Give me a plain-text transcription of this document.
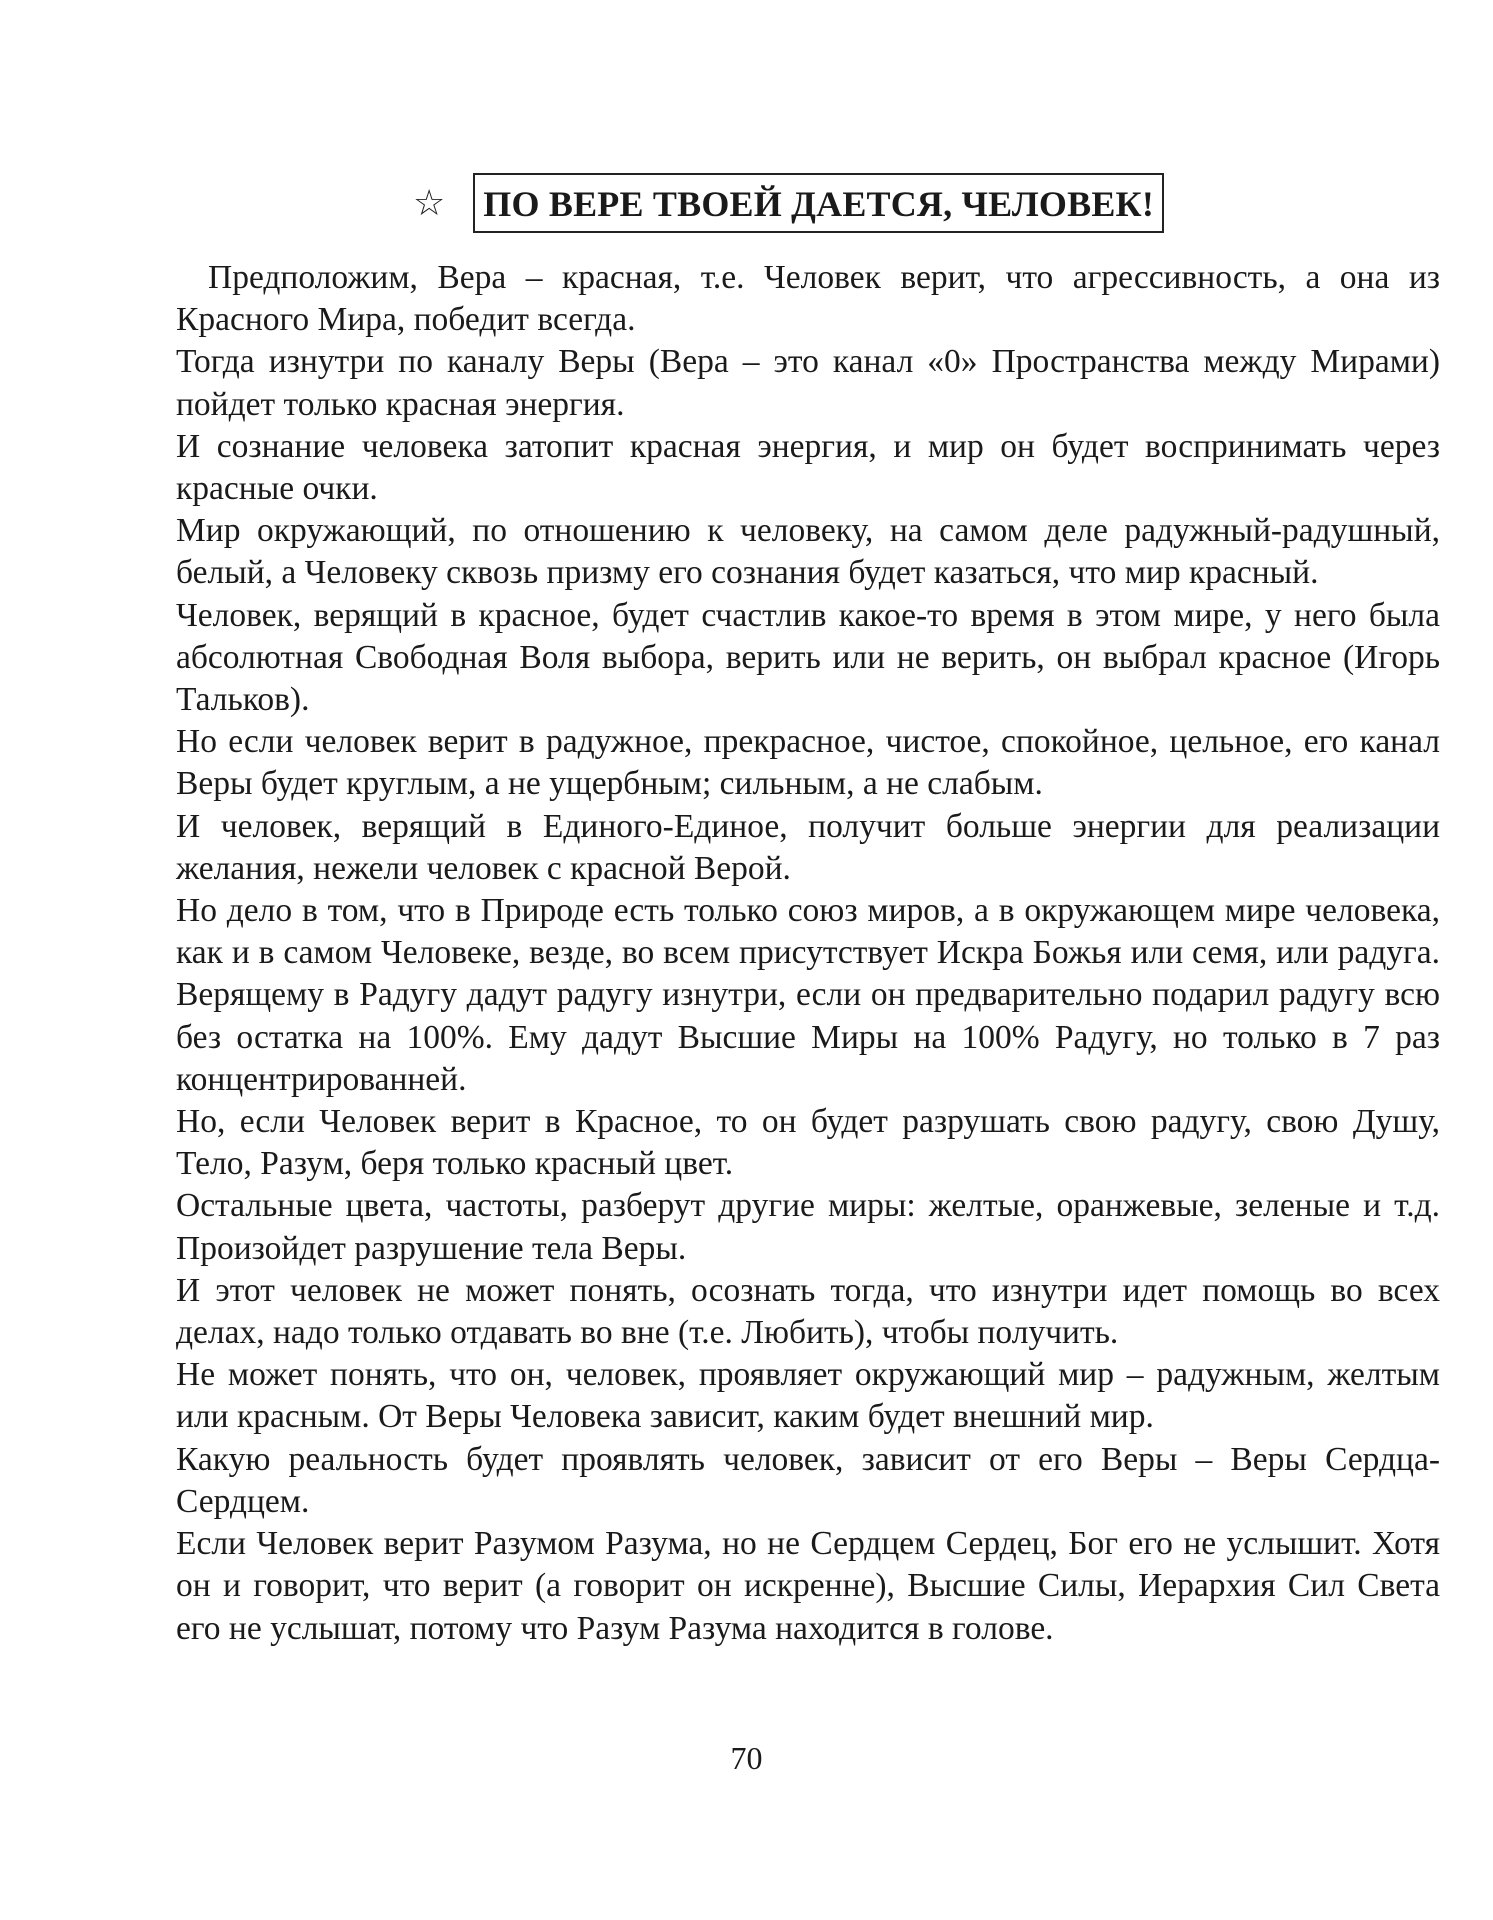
☆ ПО ВЕРЕ ТВОЕЙ ДАЕТСЯ, ЧЕЛОВЕК!

Предположим, Вера – красная, т.е. Человек верит, что агрессивность, а она из Красного Мира, победит всегда.

Тогда изнутри по каналу Веры (Вера – это канал «0» Пространства между Мирами) пойдет только красная энергия.

И сознание человека затопит красная энергия, и мир он будет воспринимать через красные очки.

Мир окружающий, по отношению к человеку, на самом деле радужный-радушный, белый, а Человеку сквозь призму его сознания будет казаться, что мир красный.

Человек, верящий в красное, будет счастлив какое-то время в этом мире, у него была абсолютная Свободная Воля выбора, верить или не верить, он выбрал красное (Игорь Тальков).

Но если человек верит в радужное, прекрасное, чистое, спокойное, цельное, его канал Веры будет круглым, а не ущербным; сильным, а не слабым.

И человек, верящий в Единого-Единое, получит больше энергии для реализации желания, нежели человек с красной Верой.

Но дело в том, что в Природе есть только союз миров, а в окружающем мире человека, как и в самом Человеке, везде, во всем присутствует Искра Божья или семя, или радуга. Верящему в Радугу дадут радугу изнутри, если он предварительно подарил радугу всю без остатка на 100%. Ему дадут Высшие Миры на 100% Радугу, но только в 7 раз концентрированней.

Но, если Человек верит в Красное, то он будет разрушать свою радугу, свою Душу, Тело, Разум, беря только красный цвет.

Остальные цвета, частоты, разберут другие миры: желтые, оранжевые, зеленые и т.д. Произойдет разрушение тела Веры.

И этот человек не может понять, осознать тогда, что изнутри идет помощь во всех делах, надо только отдавать во вне (т.е. Любить), чтобы получить.

Не может понять, что он, человек, проявляет окружающий мир – радужным, желтым или красным. От Веры Человека зависит, каким будет внешний мир.

Какую реальность будет проявлять человек, зависит от его Веры – Веры Сердца-Сердцем.

Если Человек верит Разумом Разума, но не Сердцем Сердец, Бог его не услышит. Хотя он и говорит, что верит (а говорит он искренне), Высшие Силы, Иерархия Сил Света его не услышат, потому что Разум Разума находится в голове.

70
